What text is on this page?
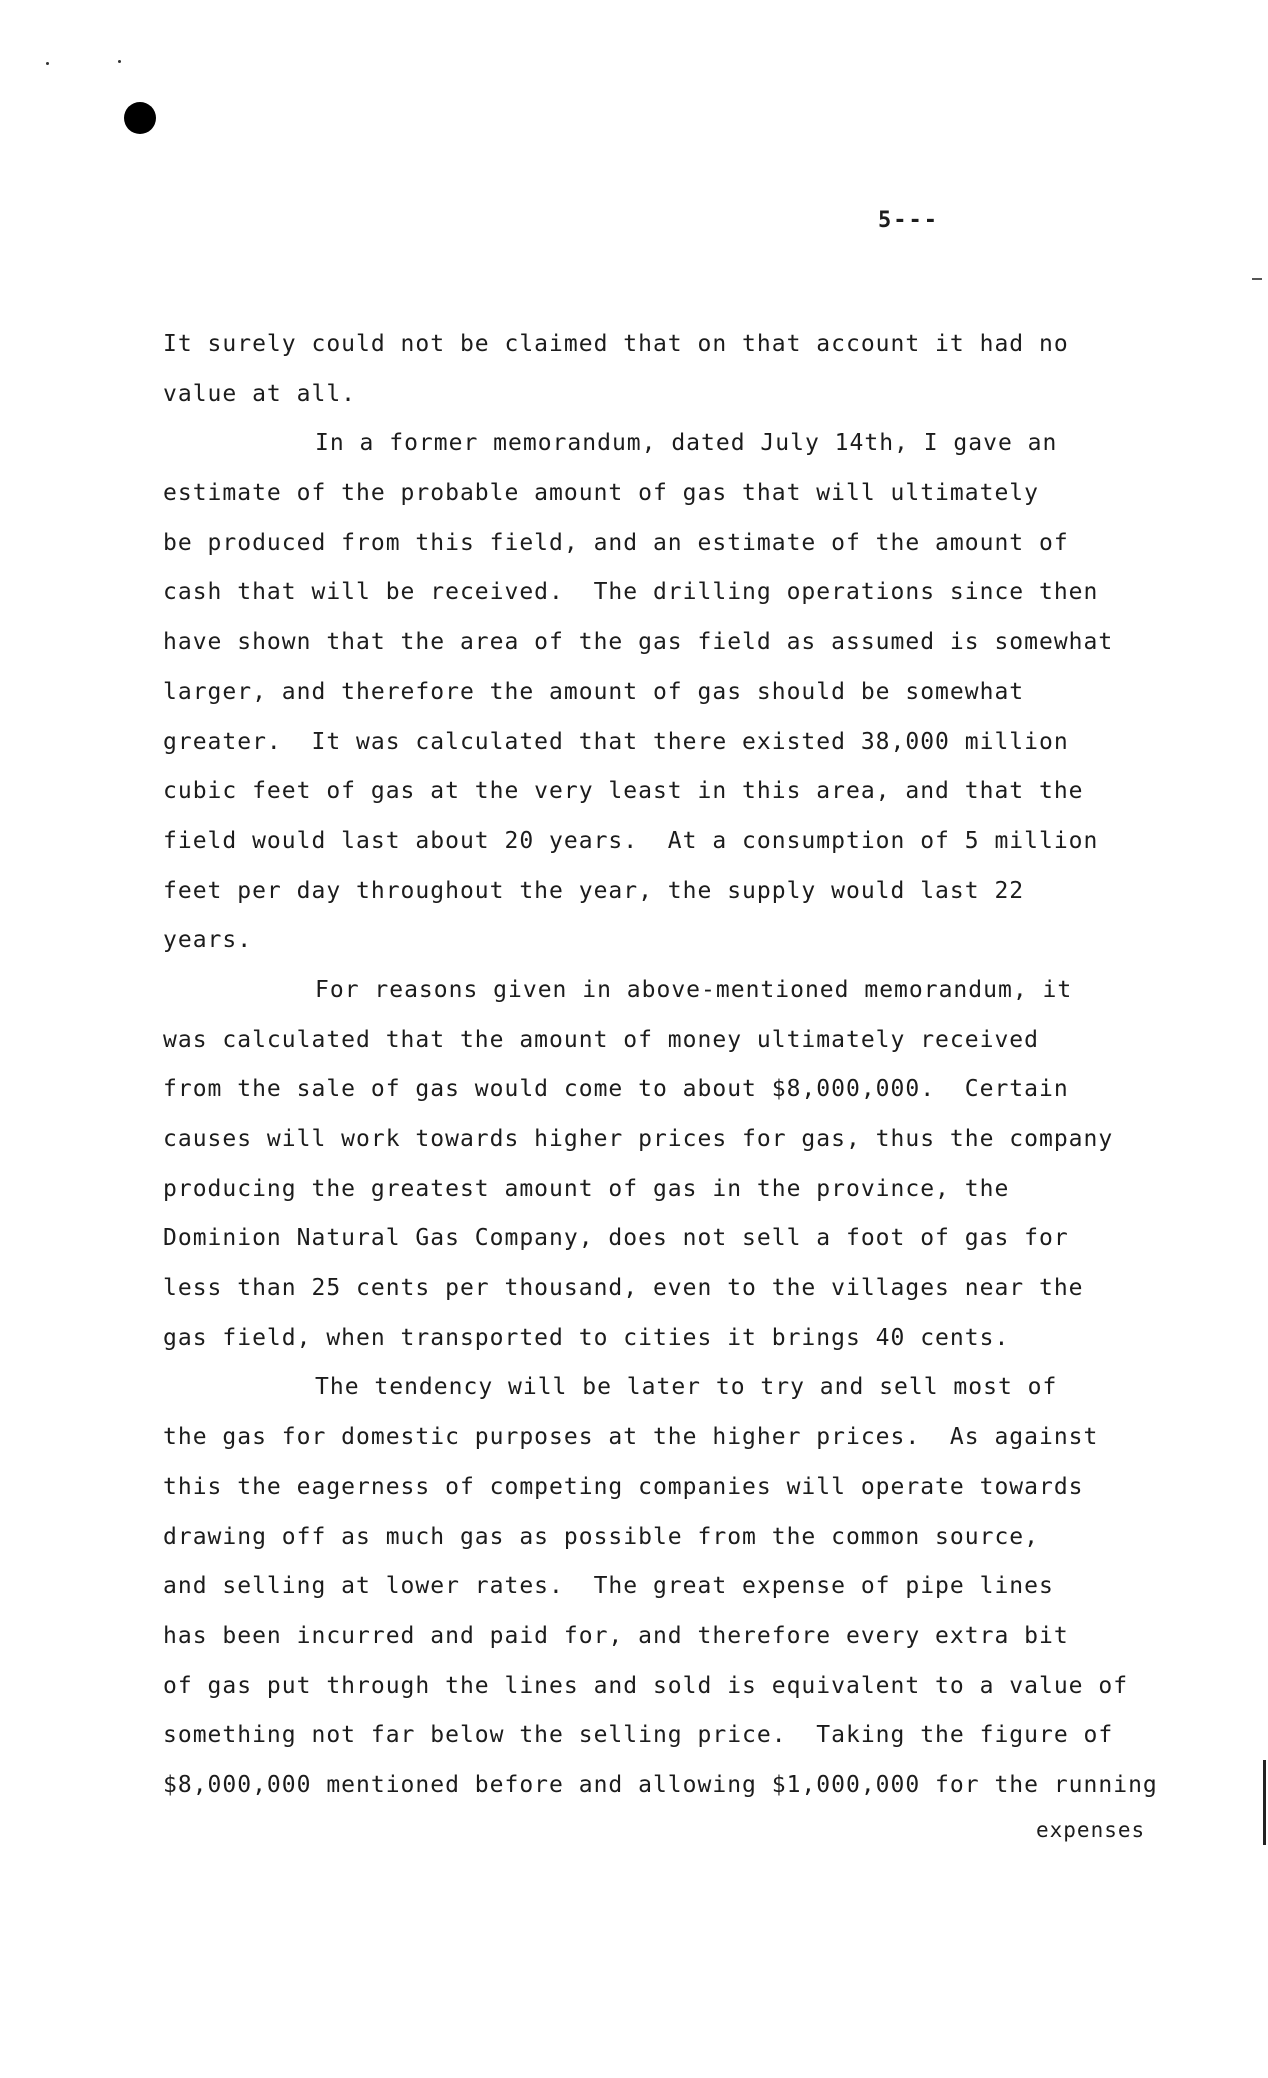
5---
It surely could not be claimed that on that account it had no
value at all.
In a former memorandum, dated July 14th, I gave an
estimate of the probable amount of gas that will ultimately
be produced from this field, and an estimate of the amount of
cash that will be received.  The drilling operations since then
have shown that the area of the gas field as assumed is somewhat
larger, and therefore the amount of gas should be somewhat
greater.  It was calculated that there existed 38,000 million
cubic feet of gas at the very least in this area, and that the
field would last about 20 years.  At a consumption of 5 million
feet per day throughout the year, the supply would last 22
years.
For reasons given in above-mentioned memorandum, it
was calculated that the amount of money ultimately received
from the sale of gas would come to about $8,000,000.  Certain
causes will work towards higher prices for gas, thus the company
producing the greatest amount of gas in the province, the
Dominion Natural Gas Company, does not sell a foot of gas for
less than 25 cents per thousand, even to the villages near the
gas field, when transported to cities it brings 40 cents.
The tendency will be later to try and sell most of
the gas for domestic purposes at the higher prices.  As against
this the eagerness of competing companies will operate towards
drawing off as much gas as possible from the common source,
and selling at lower rates.  The great expense of pipe lines
has been incurred and paid for, and therefore every extra bit
of gas put through the lines and sold is equivalent to a value of
something not far below the selling price.  Taking the figure of
$8,000,000 mentioned before and allowing $1,000,000 for the running
expenses
